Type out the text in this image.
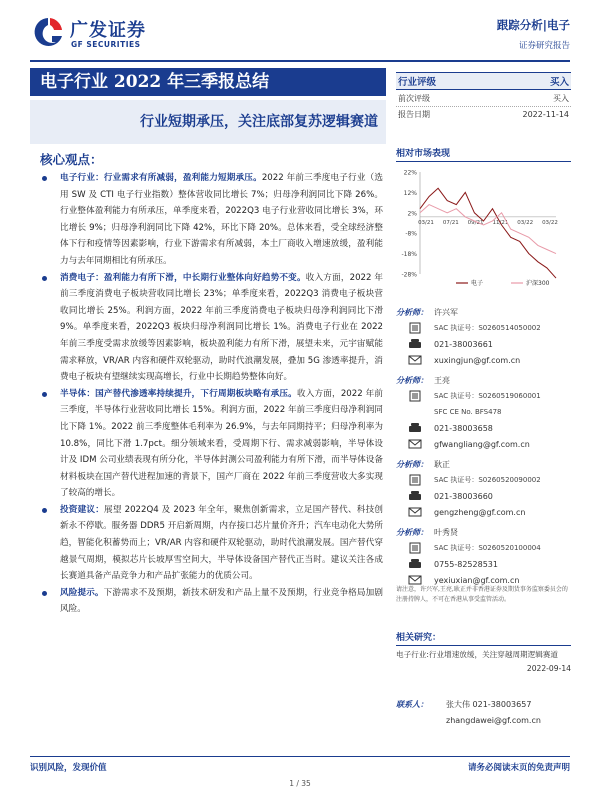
广发证券
GF SECURITIES
跟踪分析|电子
证券研究报告
电子行业 2022 年三季报总结
行业短期承压，关注底部复苏逻辑赛道
行业评级	买入
前次评级	买入
报告日期	2022-11-14
核心观点：
电子行业：行业需求有所减弱，盈利能力短期承压。2022 年前三季度电子行业（选用 SW 及 CTI 电子行业指数）整体营收同比增长 7%；归母净利润同比下降 26%。行业整体盈利能力有所承压，单季度来看，2022Q3 电子行业营收同比增长 3%，环比增长 9%；归母净利润同比下降 42%，环比下降 20%。总体来看，受全球经济整体下行和疫情等因素影响，行业下游需求有所减弱，本土厂商收入增速放缓，盈利能力与去年同期相比有所承压。
消费电子：盈利能力有所下滑，中长期行业整体向好趋势不变。收入方面，2022 年前三季度消费电子板块营收同比增长 23%；单季度来看，2022Q3 消费电子板块营收同比增长 25%。利润方面，2022 年前三季度消费电子板块归母净利润同比下滑 9%。单季度来看，2022Q3 板块归母净利润同比增长 1%。消费电子行业在 2022 年前三季度受需求放缓等因素影响，板块盈利能力有所下滑，展望未来，元宇宙赋能需求释放，VR/AR 内容和硬件双轮驱动，助时代浪潮发展，叠加 5G 渗透率提升，消费电子板块有望继续实现高增长，行业中长期趋势整体向好。
半导体：国产替代渗透率持续提升，下行周期板块略有承压。收入方面，2022 年前三季度，半导体行业营收同比增长 15%。利润方面，2022 年前三季度归母净利润同比下降 1%。2022 前三季度整体毛利率为 26.9%，与去年同期持平；归母净利率为 10.8%，同比下滑 1.7pct。细分领域来看，受周期下行、需求减弱影响，半导体设计及 IDM 公司业绩表现有所分化，半导体封测公司盈利能力有所下滑，而半导体设备材料板块在国产替代进程加速的背景下，国产厂商在 2022 年前三季度营收大多实现了较高的增长。
投资建议：展望 2022Q4 及 2023 年全年，聚焦创新需求，立足国产替代、科技创新永不停歇。服务器 DDR5 开启新周期，内存接口芯片量价齐升；汽车电动化大势所趋，智能化积蓄势而上；VR/AR 内容和硬件双轮驱动，助时代浪潮发展。国产替代穿越景气周期，模拟芯片长坡厚雪空间大，半导体设备国产替代正当时。建议关注各成长赛道具备产品竞争力和产品扩张能力的优质公司。
风险提示。下游需求不及预期，新技术研发和产品上量不及预期，行业竞争格局加剧风险。
相对市场表现
22%
12%
2%
-8%
-18%
-28%
03/21 07/21 09/21 11/21 03/22 03/22
电子	沪深300
分析师： 许兴军
SAC 执证号：S0260514050002
021-38003661
xuxingjun@gf.com.cn
分析师： 王亮
SAC 执证号：S0260519060001
SFC CE No. BFS478
021-38003658
gfwangliang@gf.com.cn
分析师： 耿正
SAC 执证号：S0260520090002
021-38003660
gengzheng@gf.com.cn
分析师： 叶秀贤
SAC 执证号：S0260520100004
0755-82528531
yexiuxian@gf.com.cn
请注意，许兴军,王亮,耿正并非香港证券及期货事务监察委员会的注册持牌人，不可在香港从事受监管活动。
相关研究：
电子行业:行业增速放缓，关注穿越周期逻辑赛道
2022-09-14
联系人：	张大伟 021-38003657
zhangdawei@gf.com.cn
识别风险，发现价值	请务必阅读末页的免责声明
1 / 35
